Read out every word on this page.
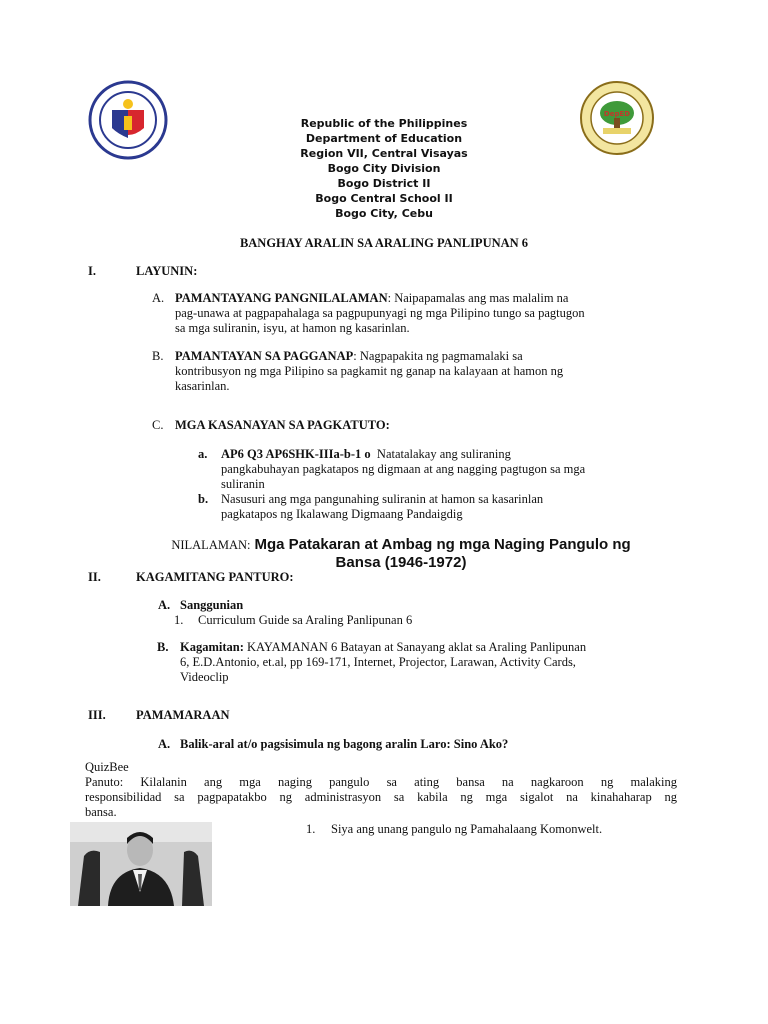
DepED
Republic of the Philippines
Department of Education
Region VII, Central Visayas
Bogo City Division
Bogo District II
Bogo Central School II
Bogo City, Cebu
BANGHAY ARALIN SA ARALING PANLIPUNAN 6
I.	LAYUNIN:
A. PAMANTAYANG PANGNILALAMAN: Naipapamalas ang mas malalim na
pag-unawa at pagpapahalaga sa pagpupunyagi ng mga Pilipino tungo sa pagtugon
sa mga suliranin, isyu, at hamon ng kasarinlan.
B. PAMANTAYAN SA PAGGANAP: Nagpapakita ng pagmamalaki sa
kontribusyon ng mga Pilipino sa pagkamit ng ganap na kalayaan at hamon ng
kasarinlan.
C. MGA KASANAYAN SA PAGKATUTO:
a. AP6 Q3 AP6SHK-IIIa-b-1 o Natatalakay ang suliraning
pangkabuhayan pagkatapos ng digmaan at ang nagging pagtugon sa mga
suliranin
b. Nasusuri ang mga pangunahing suliranin at hamon sa kasarinlan
pagkatapos ng Ikalawang Digmaang Pandaigdig
NILALAMAN: Mga Patakaran at Ambag ng mga Naging Pangulo ng
Bansa (1946-1972)
II.	KAGAMITANG PANTURO:
A. Sanggunian
1. Curriculum Guide sa Araling Panlipunan 6
B. Kagamitan: KAYAMANAN 6 Batayan at Sanayang aklat sa Araling Panlipunan
6, E.D.Antonio, et.al, pp 169-171, Internet, Projector, Larawan, Activity Cards,
Videoclip
III. PAMAMARAAN
A. Balik-aral at/o pagsisimula ng bagong aralin Laro: Sino Ako?
QuizBee
Panuto: Kilalanin ang mga naging pangulo sa ating bansa na nagkaroon ng malaking
responsibilidad sa pagpapatakbo ng administrasyon sa kabila ng mga sigalot na kinahaharap ng
bansa.
1. Siya ang unang pangulo ng Pamahalaang Komonwelt.
